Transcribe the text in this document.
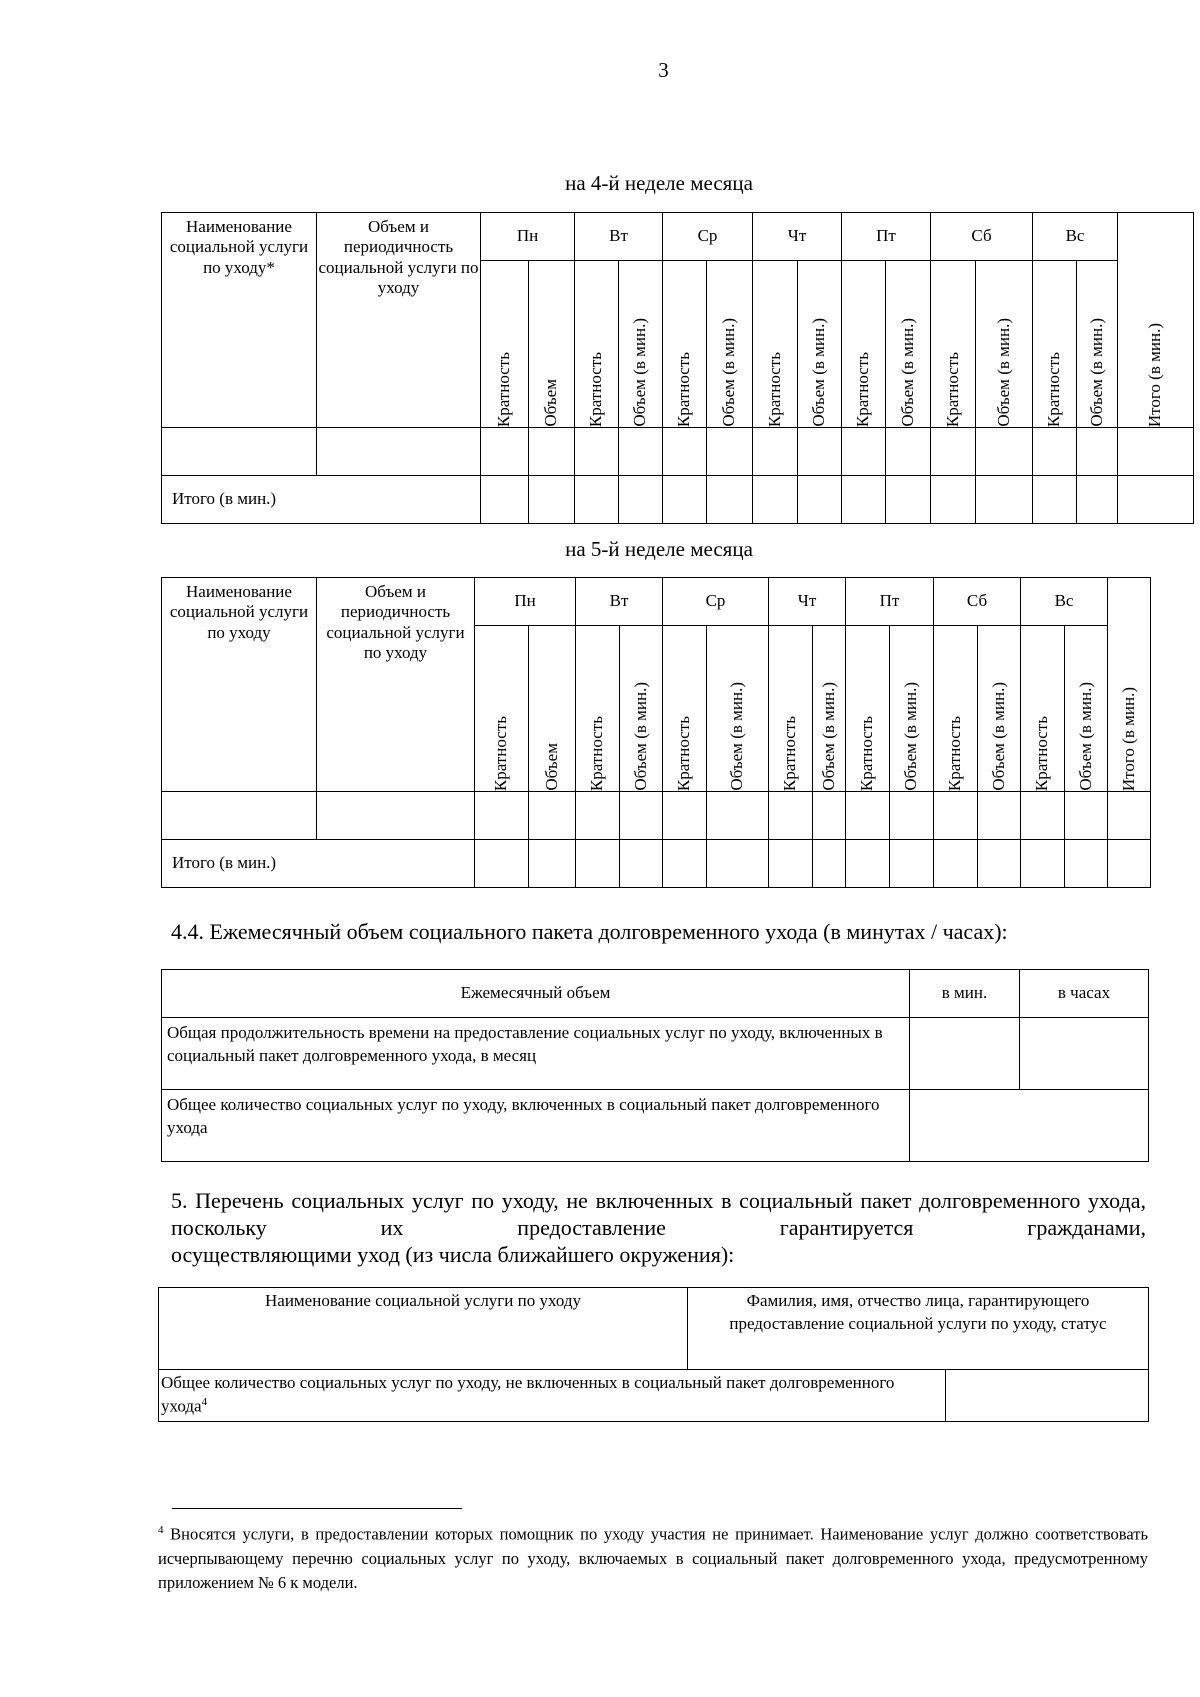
3
на 4-й неделе месяца
Наименование социальной услуги по уходу*	Объем и периодичность социальной услуги по уходу	Пн		Вт		Ср		Чт		Пт		Сб		Вс		Итого (в мин.)

		Кратность	Объем	Кратность	Объем (в мин.)	Кратность	Объем (в мин.)	Кратность	Объем (в мин.)	Кратность	Объем (в мин.)	Кратность	Объем (в мин.)	Кратность	Объем (в мин.)	

Итого (в мин.)																
на 5-й неделе месяца
Наименование социальной услуги по уходу	Объем и периодичность социальной услуги по уходу	Пн		Вт		Ср		Чт		Пт		Сб		Вс		Итого (в мин.)

		Кратность	Объем	Кратность	Объем (в мин.)	Кратность	Объем (в мин.)	Кратность	Объем (в мин.)	Кратность	Объем (в мин.)	Кратность	Объем (в мин.)	Кратность	Объем (в мин.)	

Итого (в мин.)																
4.4. Ежемесячный объем социального пакета долговременного ухода (в минутах / часах):
Ежемесячный объем	в мин.	в часах
Общая продолжительность времени на предоставление социальных услуг по уходу, включенных в социальный пакет долговременного ухода, в месяц		
Общее количество социальных услуг по уходу, включенных в социальный пакет долговременного ухода		
5. Перечень социальных услуг по уходу, не включенных в социальный пакет долговременного ухода, поскольку их предоставление гарантируется гражданами,
осуществляющими уход (из числа ближайшего окружения):
Наименование социальной услуги по уходу	Фамилия, имя, отчество лица, гарантирующего предоставление социальной услуги по уходу, статус	
Общее количество социальных услуг по уходу, не включенных в социальный пакет долговременного ухода$^4$	
$^4$ Вносятся услуги, в предоставлении которых помощник по уходу участия не принимает. Наименование услуг должно соответствовать исчерпывающему перечню социальных услуг по уходу, включаемых в социальный пакет долговременного ухода, предусмотренному приложением № 6 к модели.
